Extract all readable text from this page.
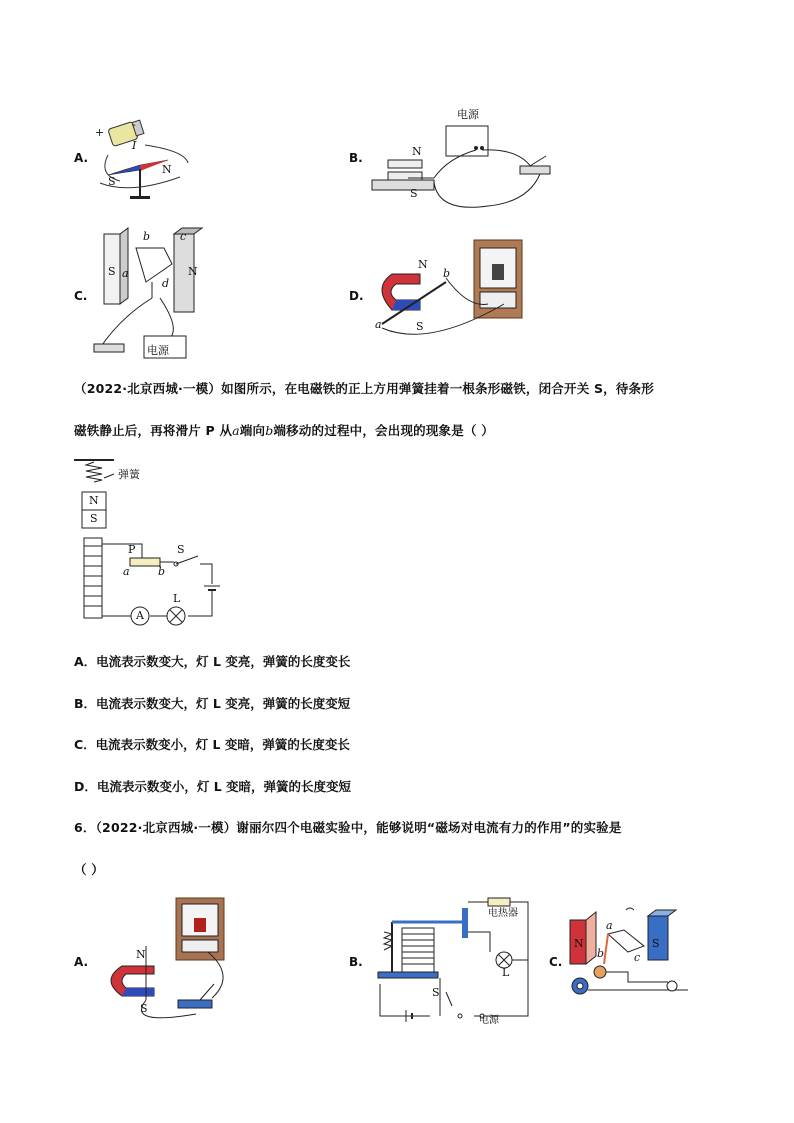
A.
+
-
I
S
N
B.
电源
N
S
C.
S	N
a
b	c
d
电源
D.
N
S
a
b
（2022·北京西城·一模）如图所示，在电磁铁的正上方用弹簧挂着一根条形磁铁，闭合开关 S，待条形
磁铁静止后，再将滑片 P 从a端向b端移动的过程中，会出现的现象是（ ）
弹簧
N
S
P	S
a	b
A
L
A．电流表示数变大，灯 L 变亮，弹簧的长度变长
B．电流表示数变大，灯 L 变亮，弹簧的长度变短
C．电流表示数变小，灯 L 变暗，弹簧的长度变长
D．电流表示数变小，灯 L 变暗，弹簧的长度变短
6．（2022·北京西城·一模）谢丽尔四个电磁实验中，能够说明“磁场对电流有力的作用”的实验是
（ ）
A.
N
S
B.
电热器
L
S
电源
C.
N	S
a
b	c
